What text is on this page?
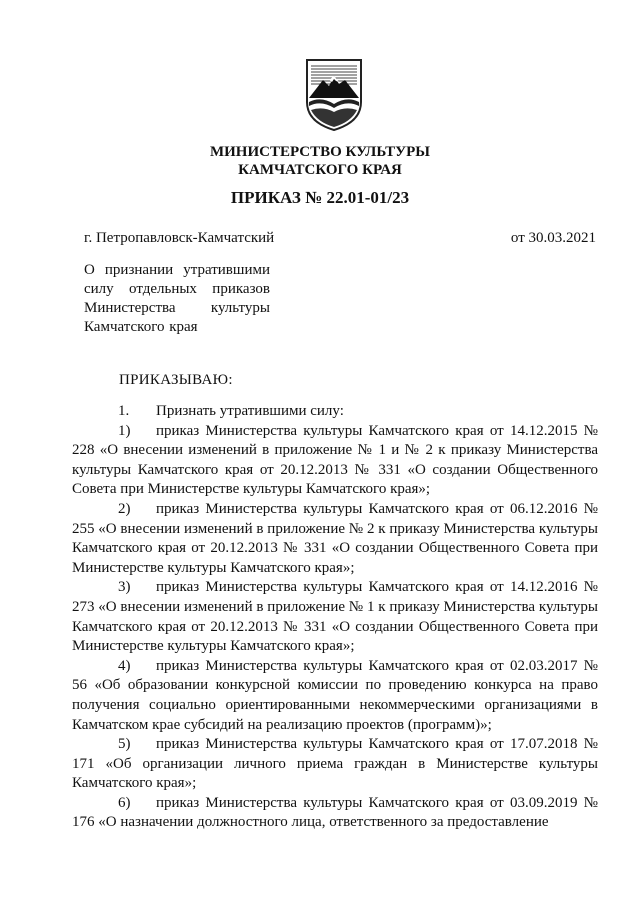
МИНИСТЕРСТВО КУЛЬТУРЫ
КАМЧАТСКОГО КРАЯ
ПРИКАЗ № 22.01-01/23
г. Петропавловск-Камчатский	от 30.03.2021
О признании утратившими
силу отдельных приказов
Министерства культуры
Камчатского края
ПРИКАЗЫВАЮ:

1. Признать утратившими силу:

1) приказ Министерства культуры Камчатского края от 14.12.2015 № 228 «О внесении изменений в приложение № 1 и № 2 к приказу Министерства культуры Камчатского края от 20.12.2013 № 331 «О создании Общественного Совета при Министерстве культуры Камчатского края»;

2) приказ Министерства культуры Камчатского края от 06.12.2016 № 255 «О внесении изменений в приложение № 2 к приказу Министерства культуры Камчатского края от 20.12.2013 № 331 «О создании Общественного Совета при Министерстве культуры Камчатского края»;

3) приказ Министерства культуры Камчатского края от 14.12.2016 № 273 «О внесении изменений в приложение № 1 к приказу Министерства культуры Камчатского края от 20.12.2013 № 331 «О создании Общественного Совета при Министерстве культуры Камчатского края»;

4) приказ Министерства культуры Камчатского края от 02.03.2017 № 56 «Об образовании конкурсной комиссии по проведению конкурса на право получения социально ориентированными некоммерческими организациями в Камчатском крае субсидий на реализацию проектов (программ)»;

5) приказ Министерства культуры Камчатского края от 17.07.2018 № 171 «Об организации личного приема граждан в Министерстве культуры Камчатского края»;

6) приказ Министерства культуры Камчатского края от 03.09.2019 № 176 «О назначении должностного лица, ответственного за предоставление
